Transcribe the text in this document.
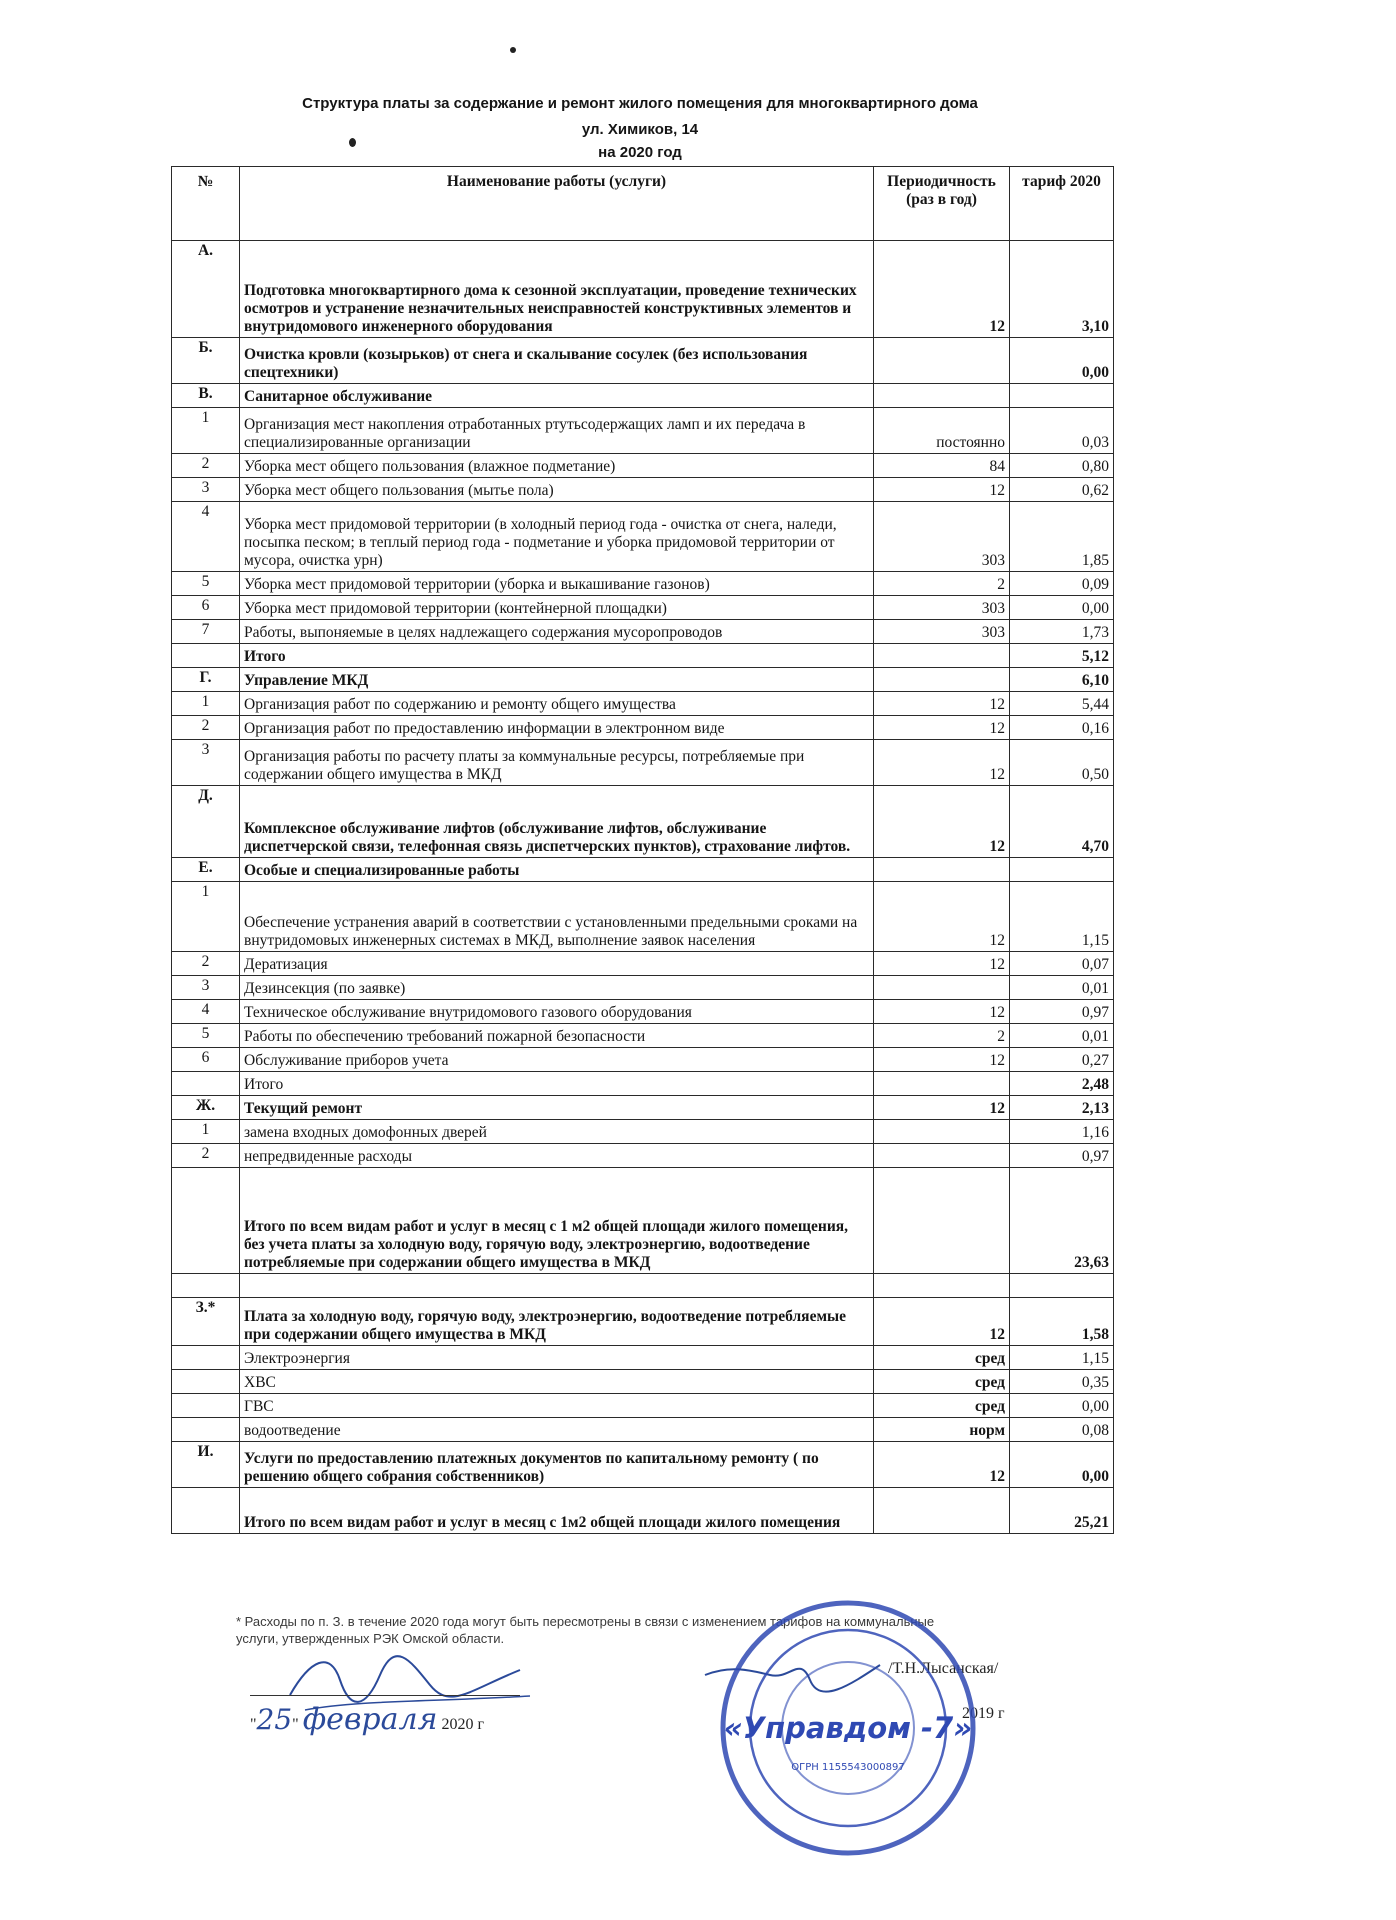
Структура платы за содержание и ремонт жилого помещения для многоквартирного дома
ул. Химиков, 14
на 2020 год
№	Наименование работы (услуги)	Периодичность (раз в год)	тариф 2020
А.	Подготовка многоквартирного дома к сезонной эксплуатации, проведение технических осмотров и устранение незначительных неисправностей конструктивных элементов и внутридомового инженерного оборудования	12	3,10
Б.	Очистка кровли (козырьков) от снега и скалывание сосулек (без использования спецтехники)		0,00
В.	Санитарное обслуживание		
1	Организация мест накопления отработанных ртутьсодержащих ламп и их передача в специализированные организации	постоянно	0,03
2	Уборка мест общего пользования (влажное подметание)	84	0,80
3	Уборка мест общего пользования (мытье пола)	12	0,62
4	Уборка мест придомовой территории (в холодный период года - очистка от снега, наледи, посыпка песком; в теплый период года - подметание и уборка придомовой территории от мусора, очистка урн)	303	1,85
5	Уборка мест придомовой территории (уборка и выкашивание газонов)	2	0,09
6	Уборка мест придомовой территории (контейнерной площадки)	303	0,00
7	Работы, выпоняемые в целях надлежащего содержания мусоропроводов	303	1,73
	Итого		5,12
Г.	Управление МКД		6,10
1	Организация работ по содержанию и ремонту общего имущества	12	5,44
2	Организация работ по предоставлению информации в электронном виде	12	0,16
3	Организация работы по расчету платы за коммунальные ресурсы, потребляемые при содержании общего имущества в МКД	12	0,50
Д.	Комплексное обслуживание лифтов (обслуживание лифтов, обслуживание диспетчерской связи, телефонная связь диспетчерских пунктов), страхование лифтов.	12	4,70
Е.	Особые и специализированные работы		
1	Обеспечение устранения аварий в соответствии с установленными предельными сроками на внутридомовых инженерных системах в МКД, выполнение заявок населения	12	1,15
2	Дератизация	12	0,07
3	Дезинсекция (по заявке)		0,01
4	Техническое обслуживание внутридомового газового оборудования	12	0,97
5	Работы по обеспечению требований пожарной безопасности	2	0,01
6	Обслуживание приборов учета	12	0,27
	Итого		2,48
Ж.	Текущий ремонт	12	2,13
1	замена входных домофонных дверей		1,16
2	непредвиденные расходы		0,97
	Итого по всем видам работ и услуг в месяц с 1 м2 общей площади жилого помещения, без учета платы за холодную воду, горячую воду, электроэнергию, водоотведение потребляемые при содержании общего имущества в МКД		23,63

З.*	Плата за холодную воду, горячую воду, электроэнергию, водоотведение потребляемые при содержании общего имущества в МКД	12	1,58
	Электроэнергия	сред	1,15
	ХВС	сред	0,35
	ГВС	сред	0,00
	водоотведение	норм	0,08
И.	Услуги по предоставлению платежных документов по капитальному ремонту ( по решению общего собрания собственников)	12	0,00
	Итого по всем видам работ и услуг в месяц с 1м2 общей площади жилого помещения		25,21
* Расходы по п. З. в течение 2020 года могут быть пересмотрены в связи с изменением тарифов на коммунальные услуги, утвержденных РЭК Омской области.
"25" февраля 2020 г
/Т.Н.Лысанская/
2019 г
«Управдом -7»
ОГРН 1155543000897
